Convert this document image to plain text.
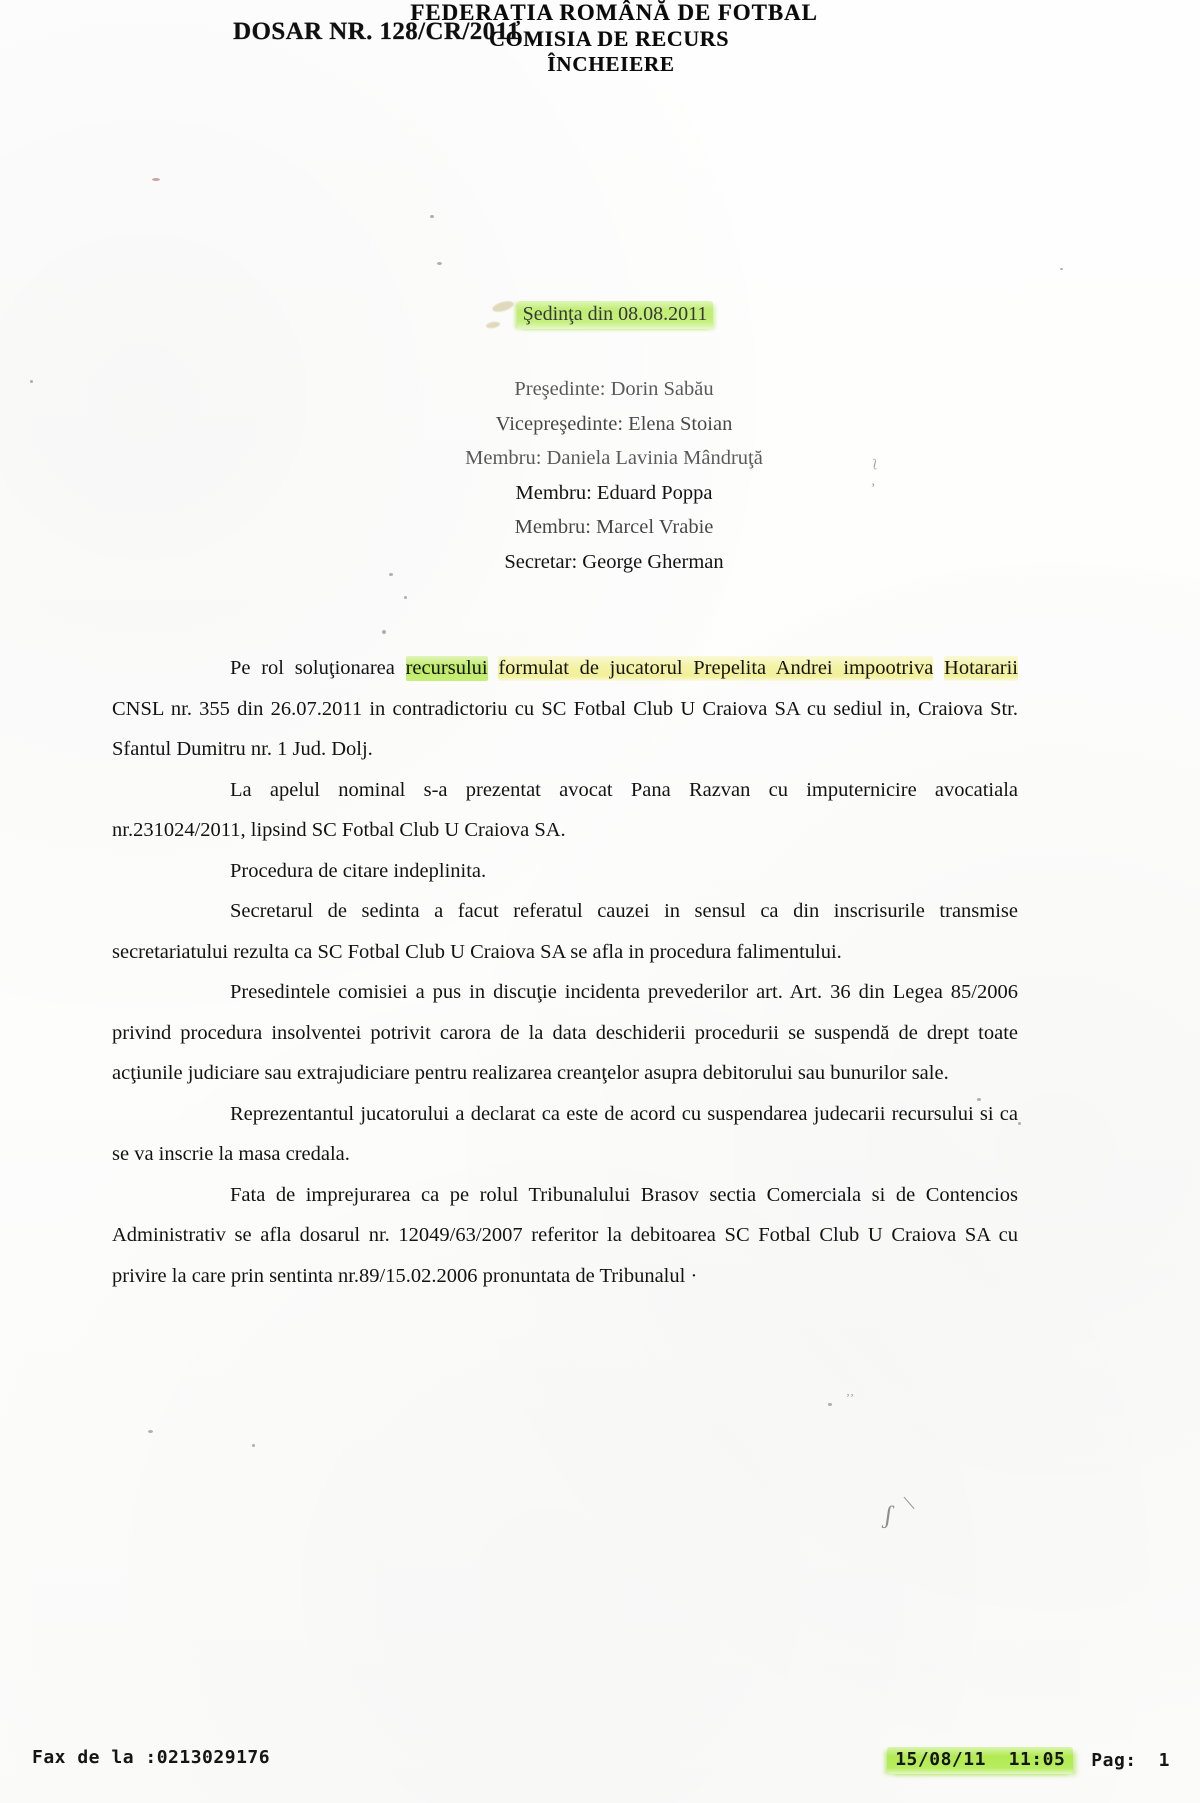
ʅ
,
ʼʼ
ʃ \
DOSAR NR. 128/CR/2011
FEDERAȚIA ROMÂNĂ DE FOTBAL
COMISIA DE RECURS
ÎNCHEIERE
Şedinţa din 08.08.2011
Preşedinte: Dorin Sabău
Vicepreşedinte: Elena Stoian
Membru: Daniela Lavinia Mândruţă
Membru: Eduard Poppa
Membru: Marcel Vrabie
Secretar: George Gherman

Pe rol soluţionarea recursului formulat de jucatorul Prepelita Andrei impootriva Hotararii CNSL nr. 355 din 26.07.2011 in contradictoriu cu SC Fotbal Club U Craiova SA cu sediul in, Craiova Str. Sfantul Dumitru nr. 1 Jud. Dolj.

La apelul nominal s-a prezentat avocat Pana Razvan cu imputernicire avocatiala nr.231024/2011, lipsind SC Fotbal Club U Craiova SA.

Procedura de citare indeplinita.

Secretarul de sedinta a facut referatul cauzei in sensul ca din inscrisurile transmise secretariatului rezulta ca SC Fotbal Club U Craiova SA se afla in procedura falimentului.

Presedintele comisiei a pus in discuţie incidenta prevederilor art. Art. 36 din Legea 85/2006 privind procedura insolventei potrivit carora de la data deschiderii procedurii se suspendă de drept toate acţiunile judiciare sau extrajudiciare pentru realizarea creanţelor asupra debitorului sau bunurilor sale.

Reprezentantul jucatorului a declarat ca este de acord cu suspendarea judecarii recursului si ca se va inscrie la masa credala.

Fata de imprejurarea ca pe rolul Tribunalului Brasov sectia Comerciala si de Contencios Administrativ se afla dosarul nr. 12049/63/2007 referitor la debitoarea SC Fotbal Club U Craiova SA cu privire la care prin sentinta nr.89/15.02.2006 pronuntata de Tribunalul ·

Fax de la :0213029176	15/08/11 11:05	Pag: 1
